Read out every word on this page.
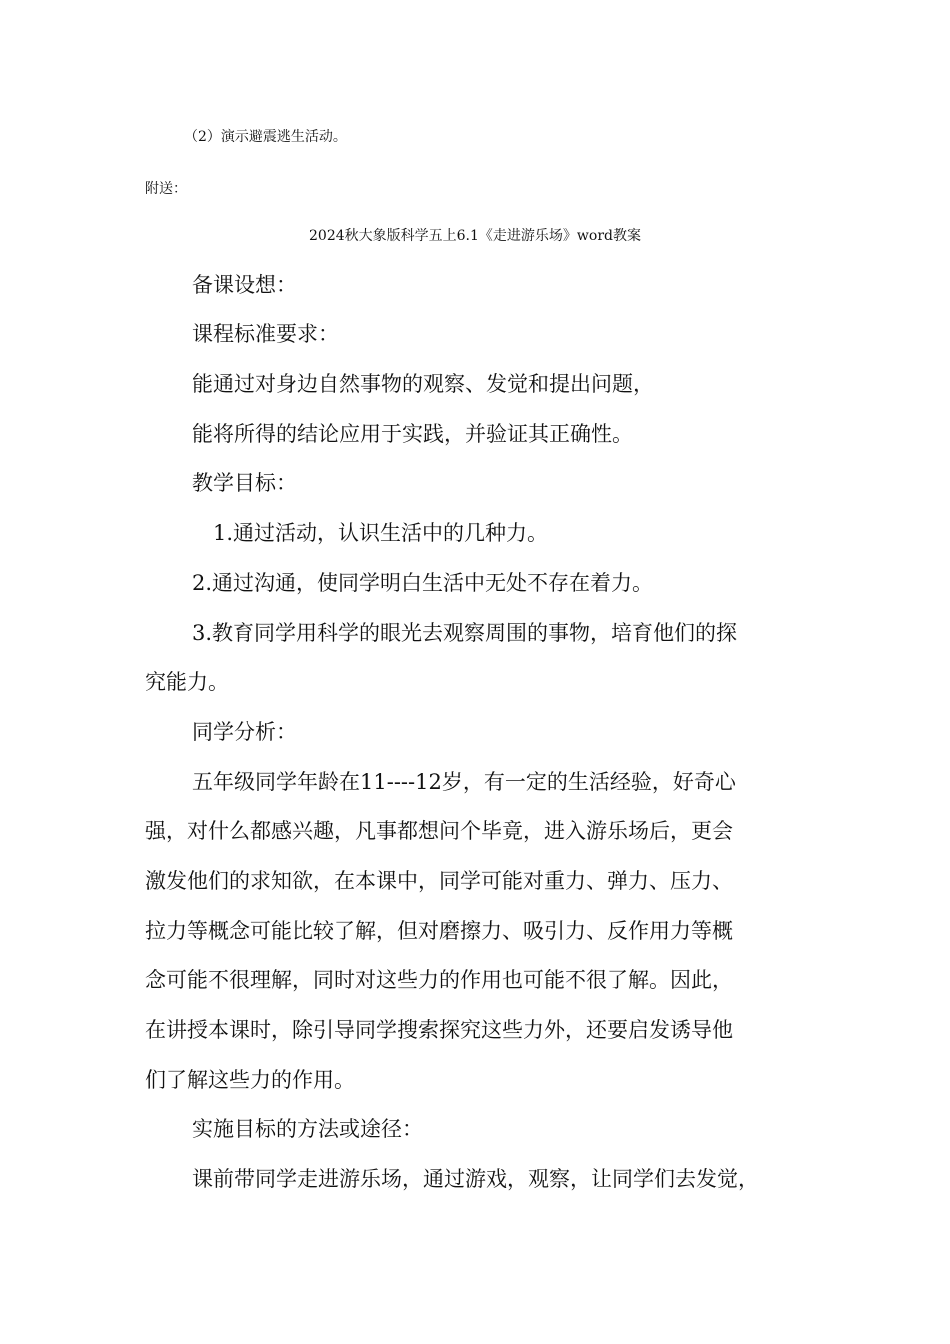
（2）演示避震逃生活动。

附送：

2024秋大象版科学五上6.1《走进游乐场》word教案

备课设想：

课程标准要求：

能通过对身边自然事物的观察、发觉和提出问题，

能将所得的结论应用于实践，并验证其正确性。

教学目标：

1.通过活动，认识生活中的几种力。

2.通过沟通，使同学明白生活中无处不存在着力。

3.教育同学用科学的眼光去观察周围的事物，培育他们的探

究能力。

同学分析：

五年级同学年龄在11----12岁，有一定的生活经验，好奇心

强，对什么都感兴趣，凡事都想问个毕竟，进入游乐场后，更会

激发他们的求知欲，在本课中，同学可能对重力、弹力、压力、

拉力等概念可能比较了解，但对磨擦力、吸引力、反作用力等概

念可能不很理解，同时对这些力的作用也可能不很了解。因此，

在讲授本课时，除引导同学搜索探究这些力外，还要启发诱导他

们了解这些力的作用。

实施目标的方法或途径：

课前带同学走进游乐场，通过游戏，观察，让同学们去发觉，
